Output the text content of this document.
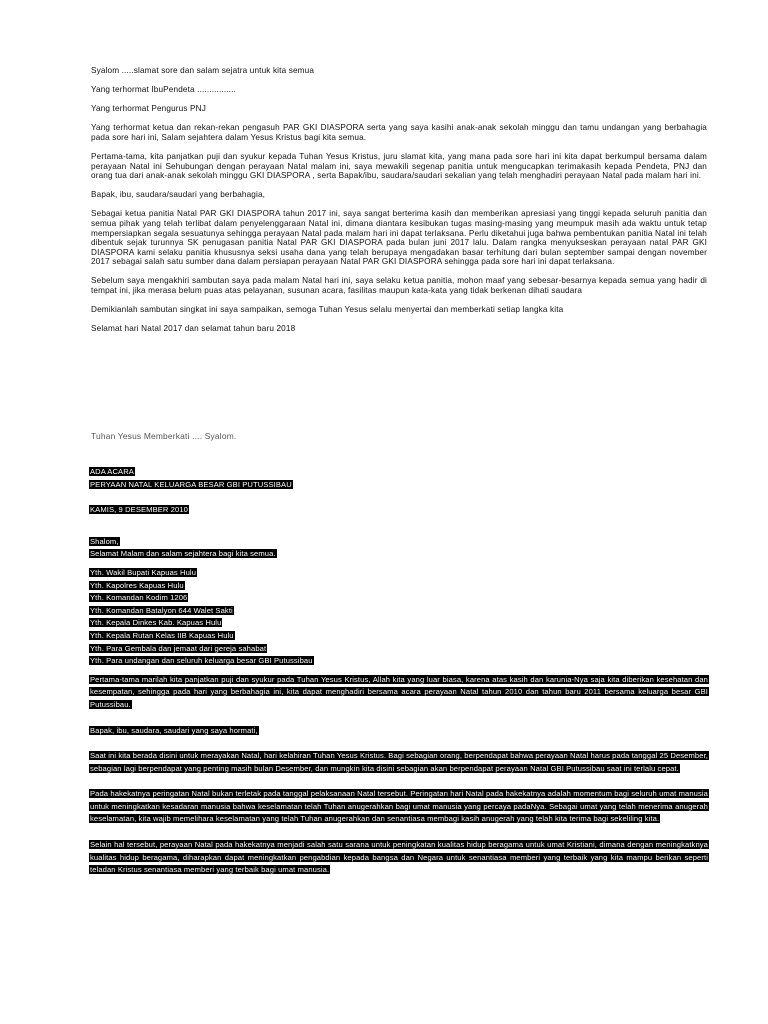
Syalom .....slamat sore dan salam sejatra untuk kita semua

Yang terhormat IbuPendeta ................

Yang terhormat Pengurus PNJ

Yang terhormat ketua dan rekan-rekan pengasuh PAR GKI DIASPORA serta yang saya kasihi anak-anak sekolah minggu dan tamu undangan yang berbahagia pada sore hari ini, Salam sejahtera dalam Yesus Kristus bagi kita semua.

Pertama-tama, kita panjatkan puji dan syukur kepada Tuhan Yesus Kristus, juru slamat kita, yang mana pada sore hari ini kita dapat berkumpul bersama dalam perayaan Natal ini Sehubungan dengan perayaan Natal malam ini, saya mewakili segenap panitia untuk mengucapkan terimakasih kepada Pendeta, PNJ dan orang tua dari anak-anak sekolah minggu GKI DIASPORA , serta Bapak/ibu, saudara/saudari sekalian yang telah menghadiri perayaan Natal pada malam hari ini.

Bapak, ibu, saudara/saudari yang berbahagia,

Sebagai ketua panitia Natal PAR GKI DIASPORA tahun 2017 ini, saya sangat berterima kasih dan memberikan apresiasi yang tinggi kepada seluruh panitia dan semua pihak yang telah terlibat dalam penyelenggaraan Natal ini, dimana diantara kesibukan tugas masing-masing yang meumpuk masih ada waktu untuk tetap mempersiapkan segala sesuatunya sehingga perayaan Natal pada malam hari ini dapat terlaksana. Perlu diketahui juga bahwa pembentukan panitia Natal ini telah dibentuk sejak turunnya SK penugasan panitia Natal PAR GKI DIASPORA pada bulan juni 2017 lalu. Dalam rangka menyukseskan perayaan natal PAR GKI DIASPORA kami selaku panitia khususnya seksi usaha dana yang telah berupaya mengadakan basar terhitung dari bulan september sampai dengan november 2017 sebagai salah satu sumber dana dalam persiapan perayaan Natal PAR GKI DIASPORA sehingga pada sore hari ini dapat terlaksana.

Sebelum saya mengakhiri sambutan saya pada malam Natal hari ini, saya selaku ketua panitia, mohon maaf yang sebesar-besarnya kepada semua yang hadir di tempat ini, jika merasa belum puas atas pelayanan, susunan acara, fasilitas maupun kata-kata yang tidak berkenan dihati saudara

Demikianlah sambutan singkat ini saya sampaikan, semoga Tuhan Yesus selalu menyertai dan memberkati setiap langka kita

Selamat hari Natal 2017 dan selamat tahun baru 2018

Tuhan Yesus Memberkati .... Syalom.
ADA ACARA
PERYAAN NATAL KELUARGA BESAR GBI PUTUSSIBAU
KAMIS, 9 DESEMBER 2010
Shalom,
Selamat Malam dan salam sejahtera bagi kita semua.
Yth. Wakil Bupati Kapuas Hulu
Yth. Kapolres Kapuas Hulu
Yth. Komandan Kodim 1206
Yth. Komandan Batalyon 644 Walet Sakti
Yth. Kepala Dinkes Kab. Kapuas Hulu
Yth. Kepala Rutan Kelas IIB Kapuas Hulu
Yth. Para Gembala dan jemaat dari gereja sahabat
Yth. Para undangan dan seluruh keluarga besar GBI Putussibau
Pertama-tama marilah kita panjatkan puji dan syukur pada Tuhan Yesus Kristus, Allah kita yang luar biasa, karena atas kasih dan karunia-Nya saja kita diberikan kesehatan dan kesempatan, sehingga pada hari yang berbahagia ini, kita dapat menghadiri bersama acara perayaan Natal tahun 2010 dan tahun baru 2011 bersama keluarga besar GBI Putussibau.
Bapak, ibu, saudara, saudari yang saya hormati,
Saat ini kita berada disini untuk merayakan Natal, hari kelahiran Tuhan Yesus Kristus. Bagi sebagian orang, berpendapat bahwa perayaan Natal harus pada tanggal 25 Desember, sebagian lagi berpendapat yang penting masih bulan Desember, dan mungkin kita disini sebagian akan berpendapat perayaan Natal GBI Putussibau saat ini terlalu cepat.
Pada hakekatnya peringatan Natal bukan terletak pada tanggal pelaksanaan Natal tersebut. Peringatan hari Natal pada hakekatnya adalah momentum bagi seluruh umat manusia untuk meningkatkan kesadaran manusia bahwa keselamatan telah Tuhan anugerahkan bagi umat manusia yang percaya padaNya. Sebagai umat yang telah menerima anugerah keselamatan, kita wajib memelihara keselamatan yang telah Tuhan anugerahkan dan senantiasa membagi kasih anugerah yang telah kita terima bagi sekeliling kita.
Selain hal tersebut, perayaan Natal pada hakekatnya menjadi salah satu sarana untuk peningkatan kualitas hidup beragama untuk umat Kristiani, dimana dengan meningkatknya kualitas hidup beragama, diharapkan dapat meningkatkan pengabdian kepada bangsa dan Negara untuk senantiasa memberi yang terbaik yang kita mampu berikan seperti teladan Kristus senantiasa memberi yang terbaik bagi umat manusia.
